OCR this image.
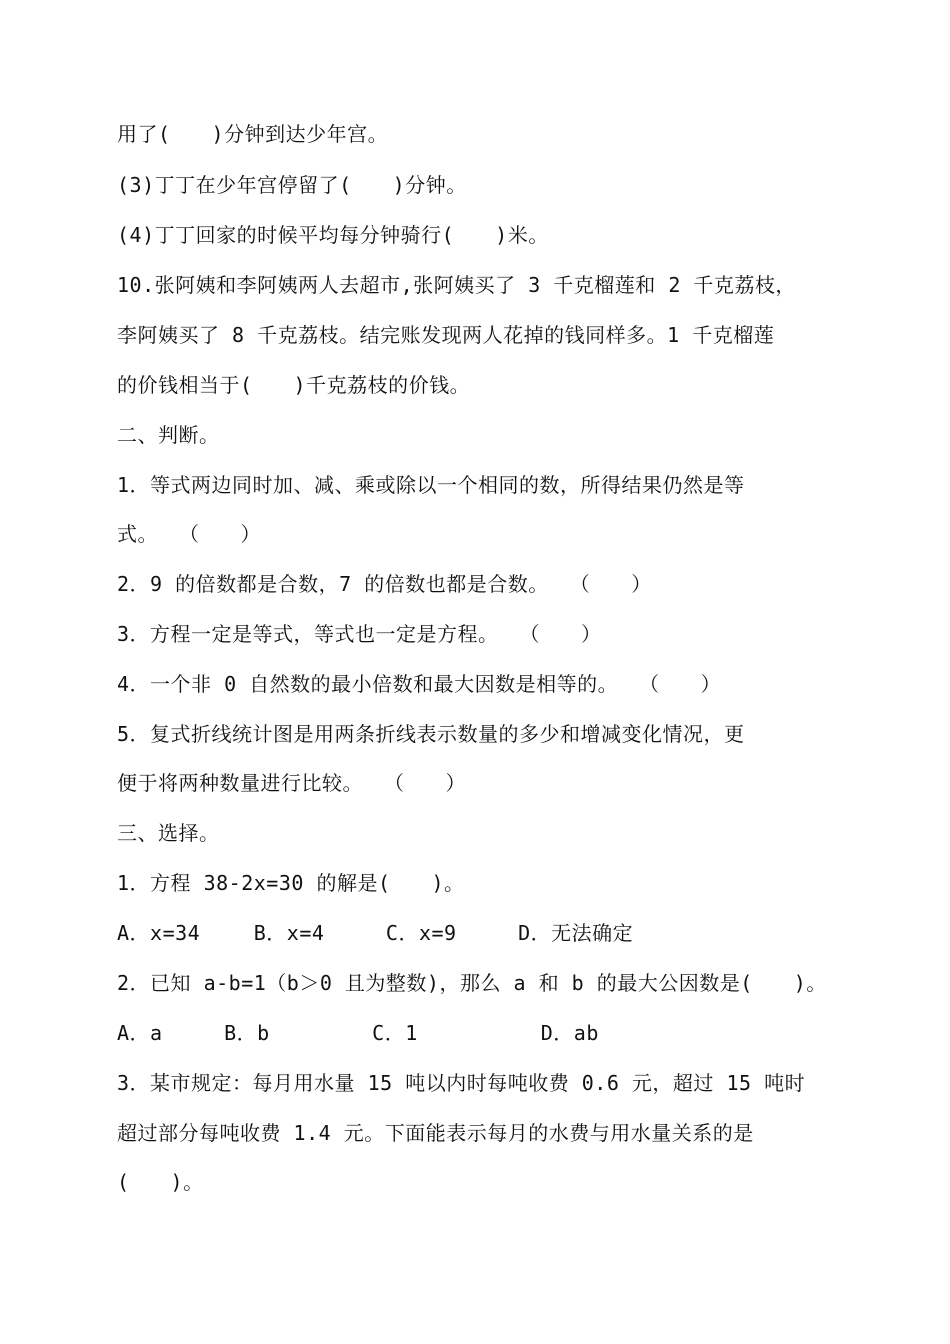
用了(　　)分钟到达少年宫。
(3)丁丁在少年宫停留了(　　)分钟。
(4)丁丁回家的时候平均每分钟骑行(　　)米。
10.张阿姨和李阿姨两人去超市,张阿姨买了 3 千克榴莲和 2 千克荔枝，
李阿姨买了 8 千克荔枝。结完账发现两人花掉的钱同样多。1 千克榴莲
的价钱相当于(　　)千克荔枝的价钱。
二、判断。
1．等式两边同时加、减、乘或除以一个相同的数，所得结果仍然是等
式。　　（　　）
2．9 的倍数都是合数，7 的倍数也都是合数。　　（　　）
3．方程一定是等式，等式也一定是方程。　　（　　）
4．一个非 0 自然数的最小倍数和最大因数是相等的。　　（　　）
5．复式折线统计图是用两条折线表示数量的多少和增减变化情况，更
便于将两种数量进行比较。　　（　　）
三、选择。
1．方程 38-2x=30 的解是(　　)。
A．x=34　　 B．x=4　　　C．x=9　　　D．无法确定
2．已知 a-b=1（b＞0 且为整数)，那么 a 和 b 的最大公因数是(　　)。
A．a　　　B．b　　　　　C．1　　　　　　D．ab
3．某市规定：每月用水量 15 吨以内时每吨收费 0.6 元，超过 15 吨时
超过部分每吨收费 1.4 元。下面能表示每月的水费与用水量关系的是
(　　)。
